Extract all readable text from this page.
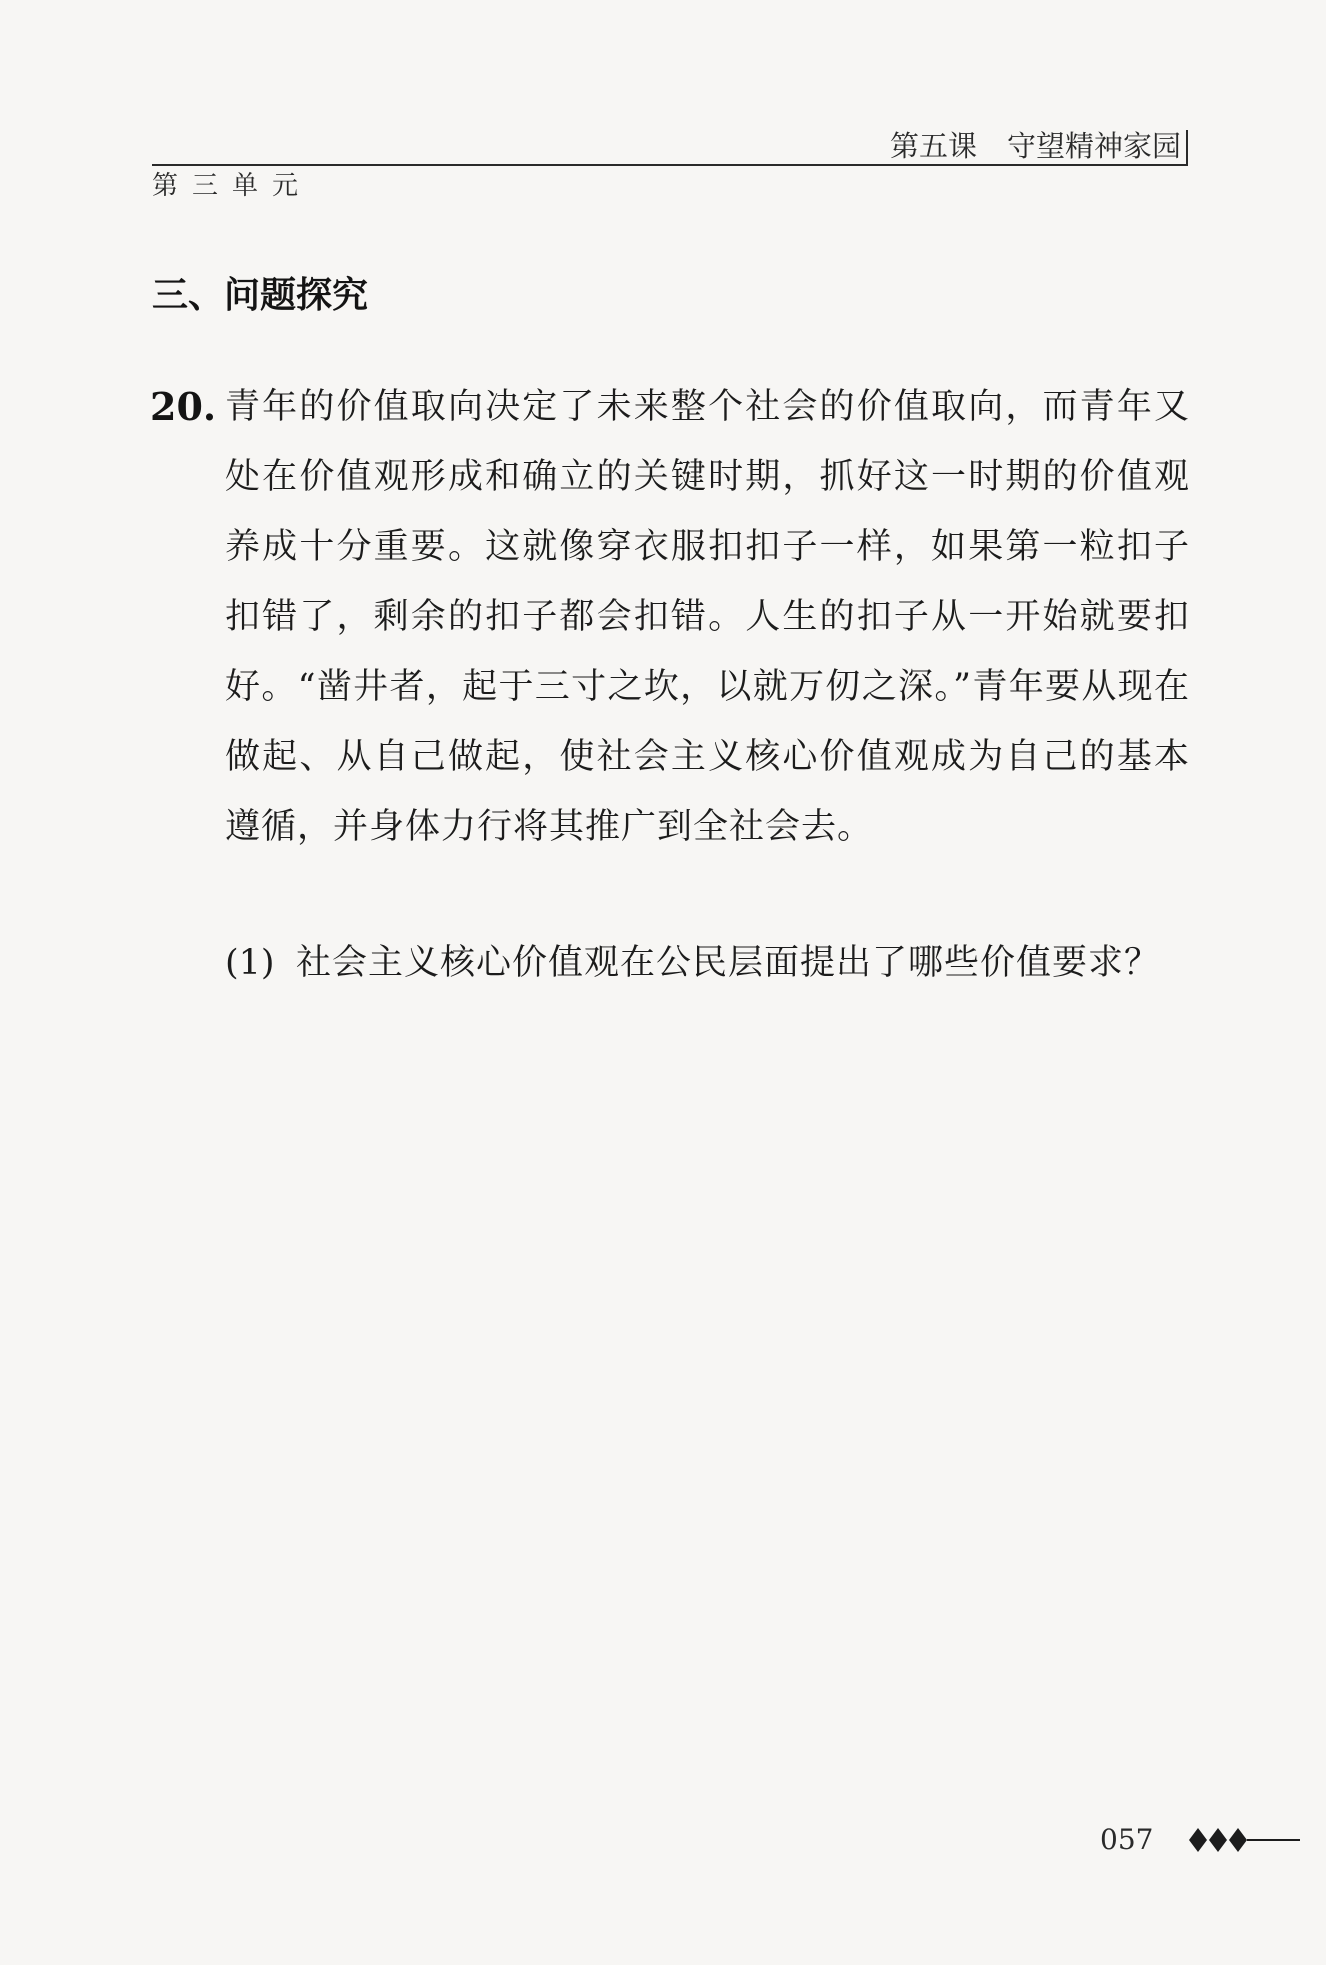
第五课 守望精神家园
第三单元
三、问题探究
20. 青年的价值取向决定了未来整个社会的价值取向，而青年又处在价值观形成和确立的关键时期，抓好这一时期的价值观养成十分重要。这就像穿衣服扣扣子一样，如果第一粒扣子扣错了，剩余的扣子都会扣错。人生的扣子从一开始就要扣好。“凿井者，起于三寸之坎，以就万仞之深。”青年要从现在做起、从自己做起，使社会主义核心价值观成为自己的基本遵循，并身体力行将其推广到全社会去。
(1) 社会主义核心价值观在公民层面提出了哪些价值要求？
057
